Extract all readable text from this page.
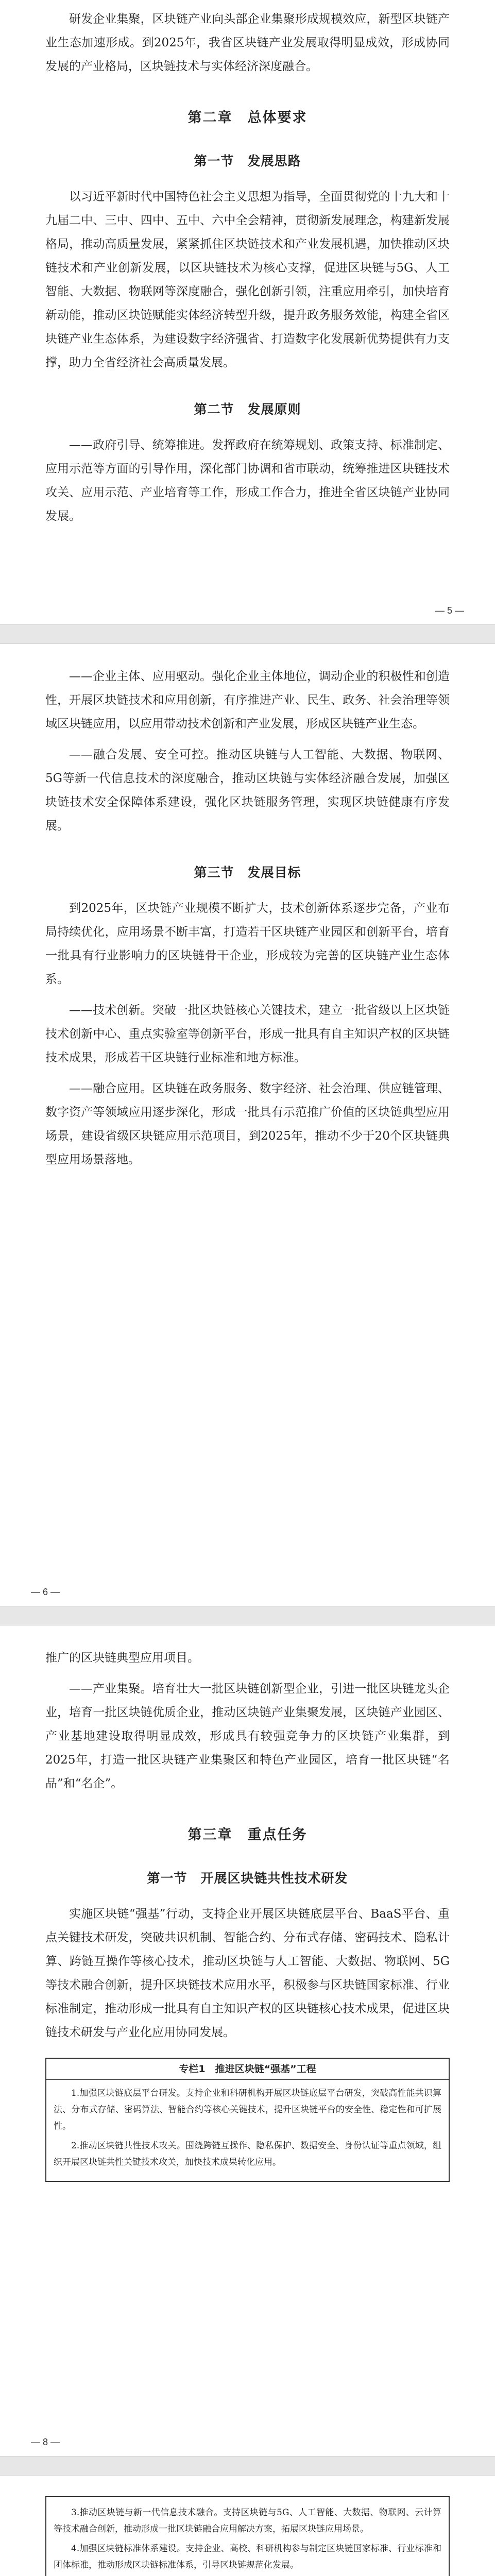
研发企业集聚，区块链产业向头部企业集聚形成规模效应，新型区块链产业生态加速形成。到2025年，我省区块链产业发展取得明显成效，形成协同发展的产业格局，区块链技术与实体经济深度融合。

第二章　总体要求
第一节　发展思路

以习近平新时代中国特色社会主义思想为指导，全面贯彻党的十九大和十九届二中、三中、四中、五中、六中全会精神，贯彻新发展理念，构建新发展格局，推动高质量发展，紧紧抓住区块链技术和产业发展机遇，加快推动区块链技术和产业创新发展，以区块链技术为核心支撑，促进区块链与5G、人工智能、大数据、物联网等深度融合，强化创新引领，注重应用牵引，加快培育新动能，推动区块链赋能实体经济转型升级，提升政务服务效能，构建全省区块链产业生态体系，为建设数字经济强省、打造数字化发展新优势提供有力支撑，助力全省经济社会高质量发展。

第二节　发展原则

——政府引导、统筹推进。发挥政府在统筹规划、政策支持、标准制定、应用示范等方面的引导作用，深化部门协调和省市联动，统筹推进区块链技术攻关、应用示范、产业培育等工作，形成工作合力，推进全省区块链产业协同发展。

— 5 —

——企业主体、应用驱动。强化企业主体地位，调动企业的积极性和创造性，开展区块链技术和应用创新，有序推进产业、民生、政务、社会治理等领域区块链应用，以应用带动技术创新和产业发展，形成区块链产业生态。

——融合发展、安全可控。推动区块链与人工智能、大数据、物联网、5G等新一代信息技术的深度融合，推动区块链与实体经济融合发展，加强区块链技术安全保障体系建设，强化区块链服务管理，实现区块链健康有序发展。

第三节　发展目标

到2025年，区块链产业规模不断扩大，技术创新体系逐步完备，产业布局持续优化，应用场景不断丰富，打造若干区块链产业园区和创新平台，培育一批具有行业影响力的区块链骨干企业，形成较为完善的区块链产业生态体系。

——技术创新。突破一批区块链核心关键技术，建立一批省级以上区块链技术创新中心、重点实验室等创新平台，形成一批具有自主知识产权的区块链技术成果，形成若干区块链行业标准和地方标准。

——融合应用。区块链在政务服务、数字经济、社会治理、供应链管理、数字资产等领域应用逐步深化，形成一批具有示范推广价值的区块链典型应用场景，建设省级区块链应用示范项目，到2025年，推动不少于20个区块链典型应用场景落地。

— 6 —

推广的区块链典型应用项目。

——产业集聚。培育壮大一批区块链创新型企业，引进一批区块链龙头企业，培育一批区块链优质企业，推动区块链产业集聚发展，区块链产业园区、产业基地建设取得明显成效，形成具有较强竞争力的区块链产业集群，到2025年，打造一批区块链产业集聚区和特色产业园区，培育一批区块链“名品”和“名企”。

第三章　重点任务
第一节　开展区块链共性技术研发

实施区块链“强基”行动，支持企业开展区块链底层平台、BaaS平台、重点关键技术研发，突破共识机制、智能合约、分布式存储、密码技术、隐私计算、跨链互操作等核心技术，推动区块链与人工智能、大数据、物联网、5G等技术融合创新，提升区块链技术应用水平，积极参与区块链国家标准、行业标准制定，推动形成一批具有自主知识产权的区块链核心技术成果，促进区块链技术研发与产业化应用协同发展。

专栏1　推进区块链“强基”工程
1.加强区块链底层平台研发。支持企业和科研机构开展区块链底层平台研发，突破高性能共识算法、分布式存储、密码算法、智能合约等核心关键技术，提升区块链平台的安全性、稳定性和可扩展性。
2.推动区块链共性技术攻关。围绕跨链互操作、隐私保护、数据安全、身份认证等重点领域，组织开展区块链共性关键技术攻关，加快技术成果转化应用。
— 8 —
3.推动区块链与新一代信息技术融合。支持区块链与5G、人工智能、大数据、物联网、云计算等技术融合创新，推动形成一批区块链融合应用解决方案，拓展区块链应用场景。
4.加强区块链标准体系建设。支持企业、高校、科研机构参与制定区块链国家标准、行业标准和团体标准，推动形成区块链标准体系，引导区块链规范化发展。
